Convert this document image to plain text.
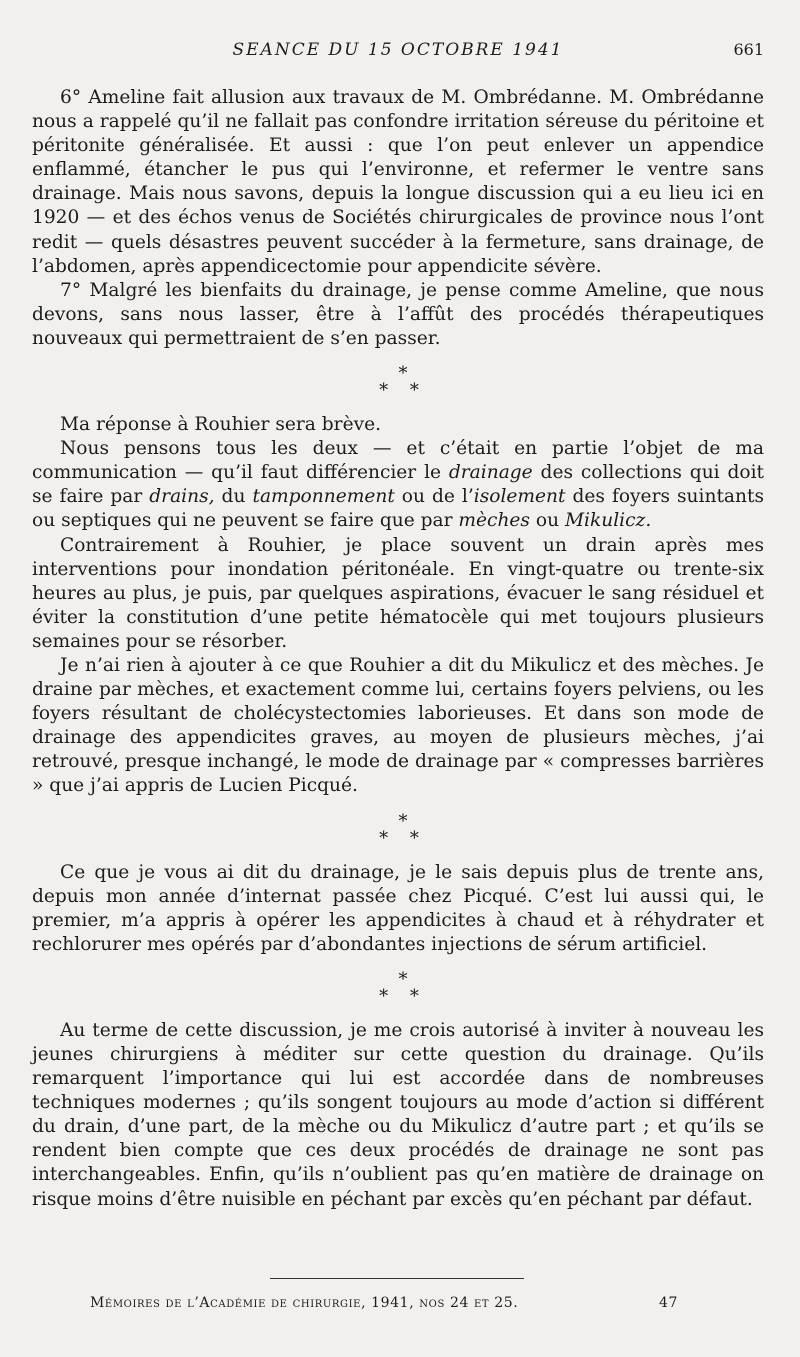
SEANCE DU 15 OCTOBRE 1941	661

6° Ameline fait allusion aux travaux de M. Ombrédanne. M. Ombrédanne nous a rappelé qu’il ne fallait pas confondre irritation séreuse du péritoine et péritonite généralisée. Et aussi : que l’on peut enlever un appendice enflammé, étancher le pus qui l’environne, et refermer le ventre sans drainage. Mais nous savons, depuis la longue discussion qui a eu lieu ici en 1920 — et des échos venus de Sociétés chirurgicales de province nous l’ont redit — quels désastres peuvent succéder à la fermeture, sans drainage, de l’abdomen, après appendicectomie pour appendicite sévère.

7° Malgré les bienfaits du drainage, je pense comme Ameline, que nous devons, sans nous lasser, être à l’affût des procédés thérapeutiques nouveaux qui permettraient de s’en passer.

*
* *

Ma réponse à Rouhier sera brève.

Nous pensons tous les deux — et c’était en partie l’objet de ma communication — qu’il faut différencier le drainage des collections qui doit se faire par drains, du tamponnement ou de l’isolement des foyers suintants ou septiques qui ne peuvent se faire que par mèches ou Mikulicz.

Contrairement à Rouhier, je place souvent un drain après mes interventions pour inondation péritonéale. En vingt-quatre ou trente-six heures au plus, je puis, par quelques aspirations, évacuer le sang résiduel et éviter la constitution d’une petite hématocèle qui met toujours plusieurs semaines pour se résorber.

Je n’ai rien à ajouter à ce que Rouhier a dit du Mikulicz et des mèches. Je draine par mèches, et exactement comme lui, certains foyers pelviens, ou les foyers résultant de cholécystectomies laborieuses. Et dans son mode de drainage des appendicites graves, au moyen de plusieurs mèches, j’ai retrouvé, presque inchangé, le mode de drainage par « compresses barrières » que j’ai appris de Lucien Picqué.

*
* *

Ce que je vous ai dit du drainage, je le sais depuis plus de trente ans, depuis mon année d’internat passée chez Picqué. C’est lui aussi qui, le premier, m’a appris à opérer les appendicites à chaud et à réhydrater et rechlorurer mes opérés par d’abondantes injections de sérum artificiel.

*
* *

Au terme de cette discussion, je me crois autorisé à inviter à nouveau les jeunes chirurgiens à méditer sur cette question du drainage. Qu’ils remarquent l’importance qui lui est accordée dans de nombreuses techniques modernes ; qu’ils songent toujours au mode d’action si différent du drain, d’une part, de la mèche ou du Mikulicz d’autre part ; et qu’ils se rendent bien compte que ces deux procédés de drainage ne sont pas interchangeables. Enfin, qu’ils n’oublient pas qu’en matière de drainage on risque moins d’être nuisible en péchant par excès qu’en péchant par défaut.

Mémoires de l’Académie de chirurgie, 1941, nos 24 et 25.	47
